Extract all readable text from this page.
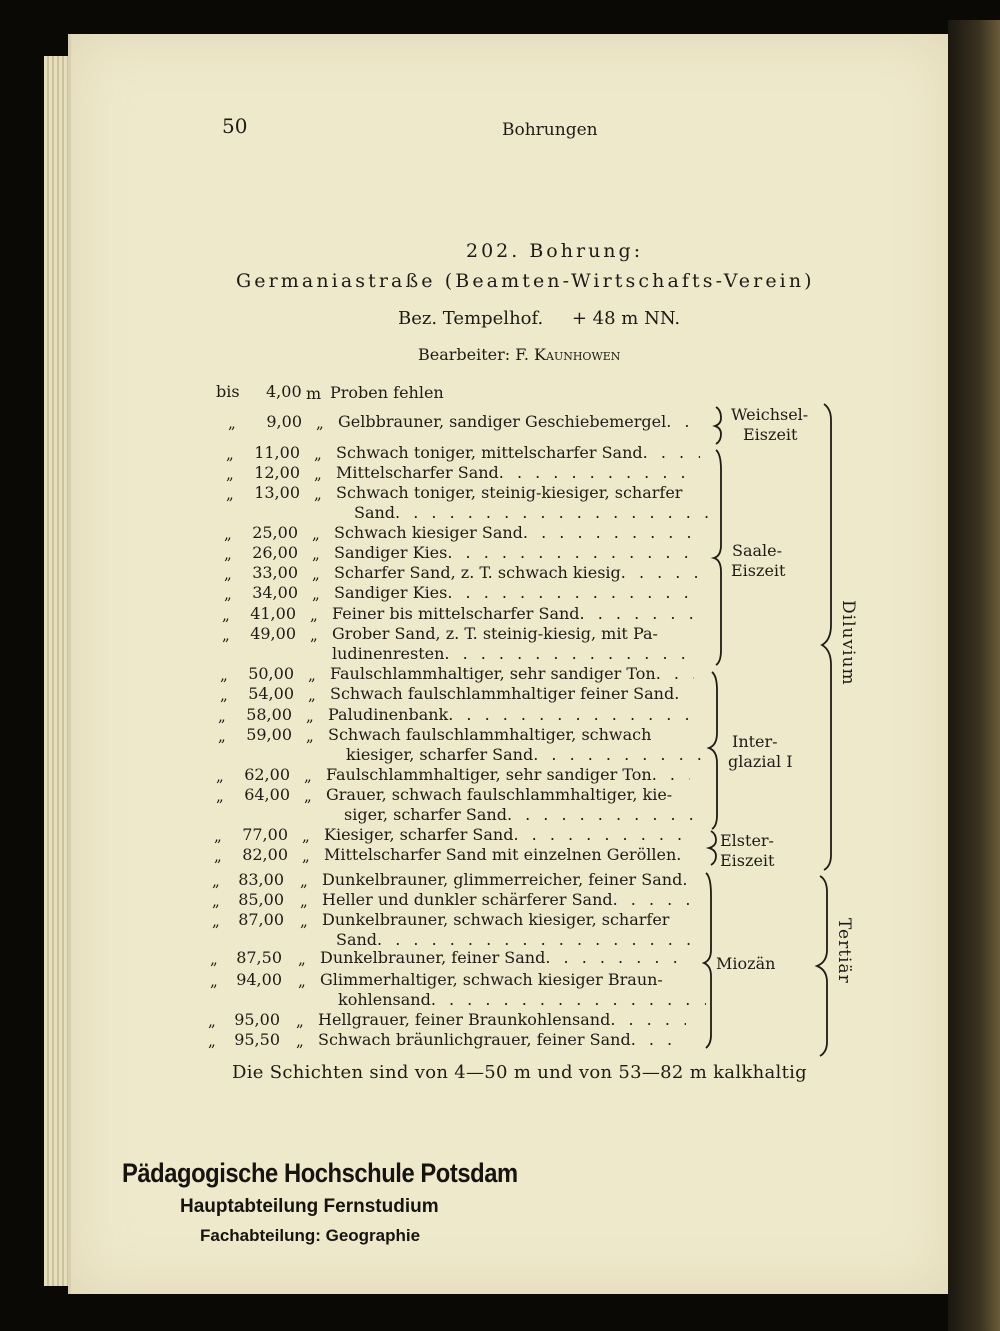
50	Bohrungen
202. Bohrung:
Germaniastraße (Beamten-Wirtschafts-Verein)
Bez. Tempelhof.     + 48 m NN.
Bearbeiter: F. Kaunhowen
bis 4,00 m Proben fehlen
„	9,00 „ Gelbbrauner, sandiger Geschiebemergel
. . .
„	11,00 „ Schwach toniger, mittelscharfer Sand
. . .
„	12,00 „ Mittelscharfer Sand
. . .
„	13,00 „ Schwach toniger, steinig-kiesiger, scharfer
Sand
. . .
„	25,00 „ Schwach kiesiger Sand
. . .
„	26,00 „ Sandiger Kies
. . .
„	33,00 „ Scharfer Sand, z. T. schwach kiesig
. . .
„	34,00 „ Sandiger Kies
. . .
„	41,00 „ Feiner bis mittelscharfer Sand
. . .
„	49,00 „ Grober Sand, z. T. steinig-kiesig, mit Pa-
ludinenresten
. . .
„	50,00 „ Faulschlammhaltiger, sehr sandiger Ton
. . .
„	54,00 „ Schwach faulschlammhaltiger feiner Sand
. . .
„	58,00 „ Paludinenbank
. . .
„	59,00 „ Schwach faulschlammhaltiger, schwach
kiesiger, scharfer Sand
. . .
„	62,00 „ Faulschlammhaltiger, sehr sandiger Ton
. . .
„	64,00 „ Grauer, schwach faulschlammhaltiger, kie-
siger, scharfer Sand
. . .
„	77,00 „ Kiesiger, scharfer Sand
. . .
„	82,00 „ Mittelscharfer Sand mit einzelnen Geröllen
. . .
„	83,00 „ Dunkelbrauner, glimmerreicher, feiner Sand
. . .
„	85,00 „ Heller und dunkler schärferer Sand
. . .
„	87,00 „ Dunkelbrauner, schwach kiesiger, scharfer
Sand
. . .
„	87,50 „ Dunkelbrauner, feiner Sand
. . .
„	94,00 „ Glimmerhaltiger, schwach kiesiger Braun-
kohlensand
. . .
„	95,00 „ Hellgrauer, feiner Braunkohlensand
. . .
„	95,50 „ Schwach bräunlichgrauer, feiner Sand
. . .
Weichsel-
Eiszeit
Saale-
Eiszeit
Inter-
glazial I
Elster-
Eiszeit
Miozän
Diluvium
Tertiär
Die Schichten sind von 4—50 m und von 53—82 m kalkhaltig
Pädagogische Hochschule Potsdam
Hauptabteilung Fernstudium
Fachabteilung: Geographie
